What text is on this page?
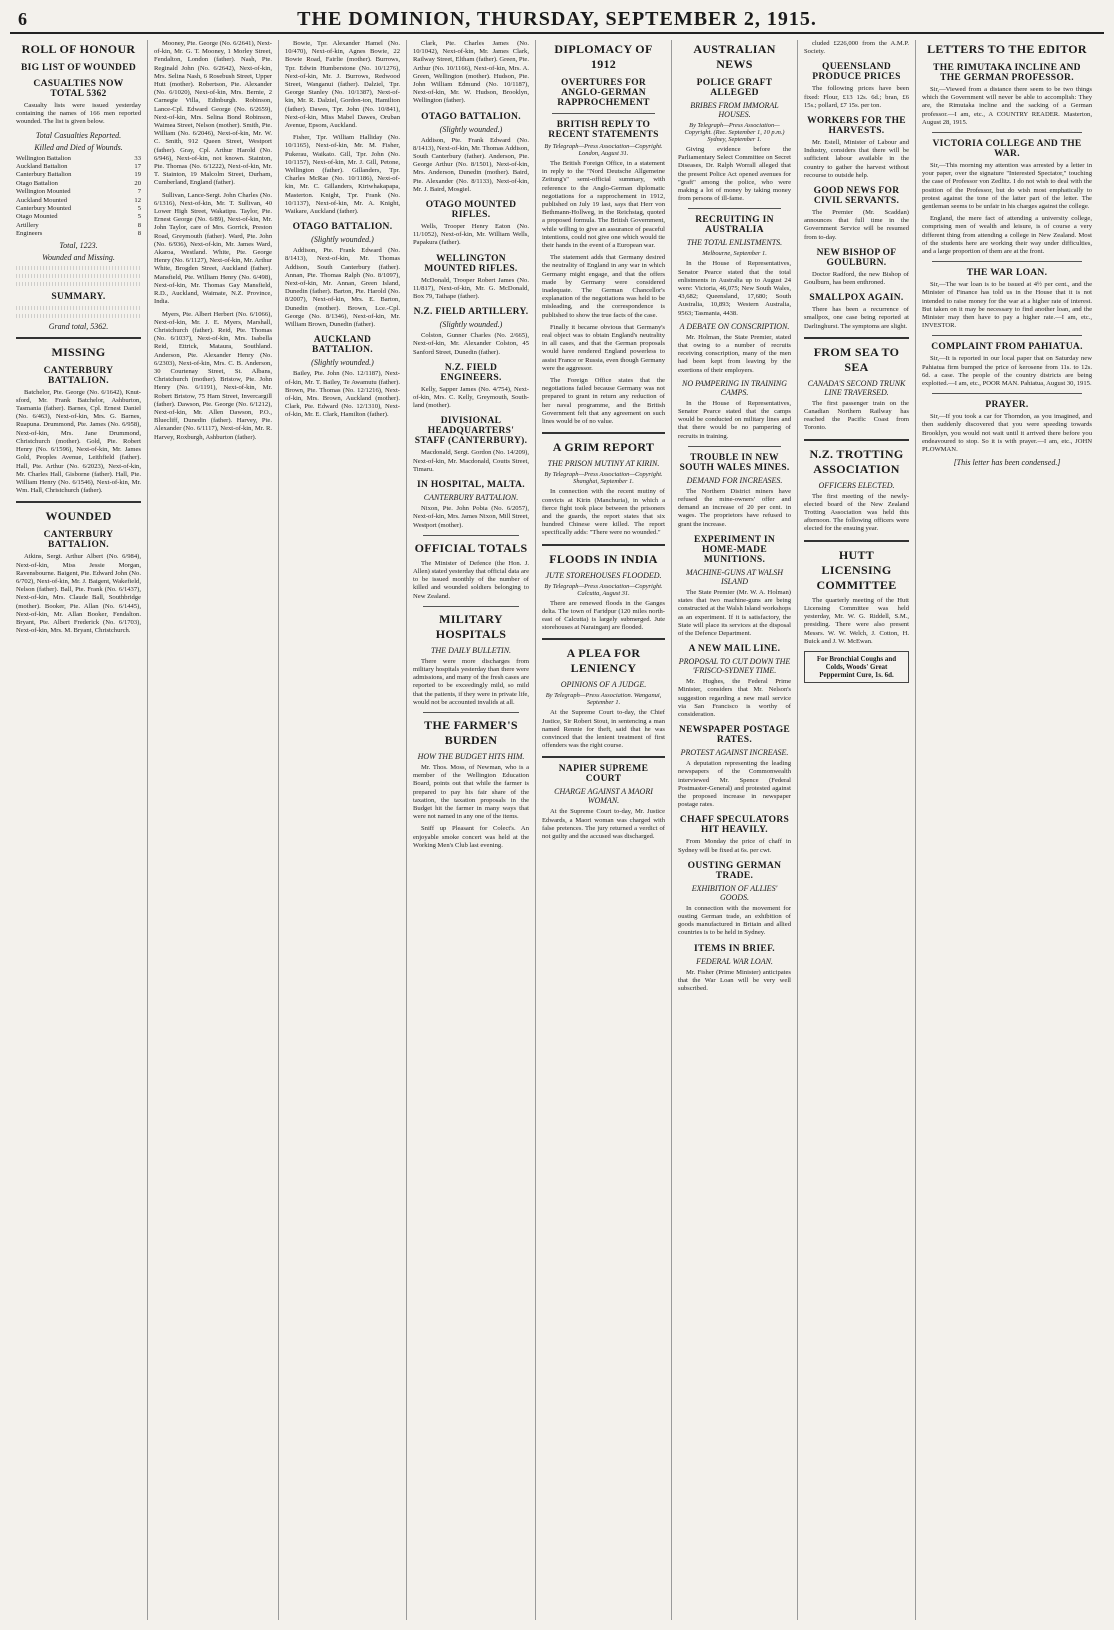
6	THE DOMINION, THURSDAY, SEPTEMBER 2, 1915.
ROLL OF HONOUR
BIG LIST OF WOUNDED
CASUALTIES NOW TOTAL 5362

Casualty lists were issued yesterday containing the names of 166 men reported wounded. The list is given below.

Total Casualties Reported.
Killed and Died of Wounds.
Wellington Battalion	33
Auckland Battalion	17
Canterbury Battalion	19
Otago Battalion	20
Wellington Mounted	7
Auckland Mounted	12
Canterbury Mounted	5
Otago Mounted	5
Artillery	8
Engineers	8
Total, 1223.
Wounded and Missing.
SUMMARY.
Grand total, 5362.
MISSING
CANTERBURY BATTALION.

Batchelor, Pte. George (No. 6/1642), Knut-sford, Mr. Frank Batchelor, Ashburton, Tasmania (father). Barnes, Cpl. Ernest Daniel (No. 6/463), Next-of-kin, Mrs. G. Barnes, Ruapuna. Drummond, Pte. James (No. 6/958), Next-of-kin, Mrs. Jane Drummond, Christchurch (mother). Gold, Pte. Robert Henry (No. 6/1596), Next-of-kin, Mr. James Gold, Peoples Avenue, Leithfield (father). Hall, Pte. Arthur (No. 6/2023), Next-of-kin, Mr. Charles Hall, Gisborne (father). Hall, Pte. William Henry (No. 6/1546), Next-of-kin, Mr. Wm. Hall, Christchurch (father).

WOUNDED
CANTERBURY BATTALION.

Atkins, Sergt. Arthur Albert (No. 6/984), Next-of-kin, Miss Jessie Morgan, Ravensbourne. Baigent, Pte. Edward John (No. 6/702), Next-of-kin, Mr. J. Baigent, Wakefield, Nelson (father). Ball, Pte. Frank (No. 6/1437), Next-of-kin, Mrs. Claude Ball, Southbridge (mother). Booker, Pte. Allan (No. 6/1445), Next-of-kin, Mr. Allan Booker, Fendalton. Bryant, Pte. Albert Frederick (No. 6/1703), Next-of-kin, Mrs. M. Bryant, Christchurch.

Mooney, Pte. George (No. 6/2641), Next-of-kin, Mr. G. T. Mooney, 1 Morley Street, Fendalton, London (father). Nash, Pte. Reginald John (No. 6/2642), Next-of-kin, Mrs. Selina Nash, 6 Rosebush Street, Upper Hutt (mother). Robertson, Pte. Alexander (No. 6/1020), Next-of-kin, Mrs. Bernie, 2 Carnegie Villa, Edinburgh. Robinson, Lance-Cpl. Edward George (No. 6/2659), Next-of-kin, Mrs. Selina Bond Robinson, Waimea Street, Nelson (mother). Smith, Pte. William (No. 6/2046), Next-of-kin, Mr. W. C. Smith, 912 Queen Street, Westport (father). Gray, Cpl. Arthur Harold (No. 6/946), Next-of-kin, not known. Stainton, Pte. Thomas (No. 6/1222), Next-of-kin, Mr. T. Stainton, 19 Malcolm Street, Durham, Cumberland, England (father).

Sullivan, Lance-Sergt. John Charles (No. 6/1316), Next-of-kin, Mr. T. Sullivan, 40 Lower High Street, Wakatipu. Taylor, Pte. Ernest George (No. 6/89), Next-of-kin, Mr. John Taylor, care of Mrs. Gorrick, Preston Road, Greymouth (father). Ward, Pte. John (No. 6/936), Next-of-kin, Mr. James Ward, Akaroa, Westland. White, Pte. George Henry (No. 6/1127), Next-of-kin, Mr. Arthur White, Brogden Street, Auckland (father). Mansfield, Pte. William Henry (No. 6/498), Next-of-kin, Mr. Thomas Gay Mansfield, R.D., Auckland, Waimate, N.Z. Province, India.

Myers, Pte. Albert Herbert (No. 6/1066), Next-of-kin, Mr. J. E. Myers, Marshall, Christchurch (father). Reid, Pte. Thomas (No. 6/1037), Next-of-kin, Mrs. Isabella Reid, Ettrick, Mataura, Southland. Anderson, Pte. Alexander Henry (No. 6/2303), Next-of-kin, Mrs. C. B. Anderson, 30 Courtenay Street, St. Albans, Christchurch (mother). Bristow, Pte. John Henry (No. 6/1191), Next-of-kin, Mr. Robert Bristow, 75 Ham Street, Invercargill (father). Dawson, Pte. George (No. 6/1212), Next-of-kin, Mr. Allen Dawson, P.O., Bluecliff, Dunedin (father). Harvey, Pte. Alexander (No. 6/1117), Next-of-kin, Mr. R. Harvey, Roxburgh, Ashburton (father).

Bowie, Tpr. Alexander Hamel (No. 10/470), Next-of-kin, Agnes Bowie, 22 Bowie Road, Fairlie (mother). Burrows, Tpr. Edwin Humberstone (No. 10/1276), Next-of-kin, Mr. J. Burrows, Redwood Street, Wanganui (father). Dalziel, Tpr. George Stanley (No. 10/1387), Next-of-kin, Mr. R. Dalziel, Gordon-ton, Hamilton (father). Dawes, Tpr. John (No. 10/841), Next-of-kin, Miss Mabel Dawes, Oruban Avenue, Epsom, Auckland.

Fisher, Tpr. William Halliday (No. 10/1165), Next-of-kin, Mr. M. Fisher, Pukerau, Waikato. Gill, Tpr. John (No. 10/1157), Next-of-kin, Mr. J. Gill, Petone, Wellington (father). Gillanders, Tpr. Charles McRae (No. 10/1186), Next-of-kin, Mr. C. Gillanders, Kiriwhakapapa, Masterton. Knight, Tpr. Frank (No. 10/1137), Next-of-kin, Mr. A. Knight, Waikare, Auckland (father).

OTAGO BATTALION.
(Slightly wounded.)

Addison, Pte. Frank Edward (No. 8/1413), Next-of-kin, Mr. Thomas Addison, South Canterbury (father). Annan, Pte. Thomas Ralph (No. 8/1097), Next-of-kin, Mr. Annan, Green Island, Dunedin (father). Barton, Pte. Harold (No. 8/2007), Next-of-kin, Mrs. E. Barton, Dunedin (mother). Brown, Lce.-Cpl. George (No. 8/1346), Next-of-kin, Mr. William Brown, Dunedin (father).

AUCKLAND BATTALION.
(Slightly wounded.)

Bailey, Pte. John (No. 12/1187), Next-of-kin, Mr. T. Bailey, Te Awamutu (father). Brown, Pte. Thomas (No. 12/1216), Next-of-kin, Mrs. Brown, Auckland (mother). Clark, Pte. Edward (No. 12/1310), Next-of-kin, Mr. E. Clark, Hamilton (father).

Clark, Pte. Charles James (No. 10/1042), Next-of-kin, Mr. James Clark, Railway Street, Eltham (father). Green, Pte. Arthur (No. 10/1166), Next-of-kin, Mrs. A. Green, Wellington (mother). Hudson, Pte. John William Edmund (No. 10/1187), Next-of-kin, Mr. W. Hudson, Brooklyn, Wellington (father).

OTAGO BATTALION.
(Slightly wounded.)

Addison, Pte. Frank Edward (No. 8/1413), Next-of-kin, Mr. Thomas Addison, South Canterbury (father). Anderson, Pte. George Arthur (No. 8/1501), Next-of-kin, Mrs. Anderson, Dunedin (mother). Baird, Pte. Alexander (No. 8/1133), Next-of-kin, Mr. J. Baird, Mosgiel.

OTAGO MOUNTED RIFLES.

Wells, Trooper Henry Eaton (No. 11/1052), Next-of-kin, Mr. William Wells, Papakura (father).

WELLINGTON MOUNTED RIFLES.

McDonald, Trooper Robert James (No. 11/817), Next-of-kin, Mr. G. McDonald, Box 79, Taihape (father).

N.Z. FIELD ARTILLERY.
(Slightly wounded.)

Colston, Gunner Charles (No. 2/665), Next-of-kin, Mr. Alexander Colston, 45 Sanford Street, Dunedin (father).

N.Z. FIELD ENGINEERS.

Kelly, Sapper James (No. 4/754), Next-of-kin, Mrs. C. Kelly, Greymouth, South-land (mother).

DIVISIONAL HEADQUARTERS' STAFF (CANTERBURY).

Macdonald, Sergt. Gordon (No. 14/209), Next-of-kin, Mr. Macdonald, Coutts Street, Timaru.

IN HOSPITAL, MALTA.
CANTERBURY BATTALION.

Nixon, Pte. John Pobia (No. 6/2057), Next-of-kin, Mrs. James Nixon, Mill Street, Westport (mother).

OFFICIAL TOTALS

The Minister of Defence (the Hon. J. Allen) stated yesterday that official data are to be issued monthly of the number of killed and wounded soldiers belonging to New Zealand.

MILITARY HOSPITALS
THE DAILY BULLETIN.

There were more discharges from military hospitals yesterday than there were admissions, and many of the fresh cases are reported to be exceedingly mild, so mild that the patients, if they were in private life, would not be accounted invalids at all.

THE FARMER'S BURDEN
HOW THE BUDGET HITS HIM.

Mr. Thos. Moss, of Newman, who is a member of the Wellington Education Board, points out that while the farmer is prepared to pay his fair share of the taxation, the taxation proposals in the Budget hit the farmer in many ways that were not named in any one of the items.

Sniff up Pleasant for Colect's. An enjoyable smoke concert was held at the Working Men's Club last evening.

DIPLOMACY OF 1912
OVERTURES FOR ANGLO-GERMAN RAPPROCHEMENT
BRITISH REPLY TO RECENT STATEMENTS
By Telegraph—Press Association—Copyright. London, August 31.

The British Foreign Office, in a statement in reply to the "Nord Deutsche Allgemeine Zeitung's" semi-official summary, with reference to the Anglo-German diplomatic negotiations for a rapprochement in 1912, published on July 19 last, says that Herr von Bethmann-Hollweg, in the Reichstag, quoted a proposed formula. The British Government, while willing to give an assurance of peaceful intentions, could not give one which would tie their hands in the event of a European war.

The statement adds that Germany desired the neutrality of England in any war in which Germany might engage, and that the offers made by Germany were considered inadequate. The German Chancellor's explanation of the negotiations was held to be misleading, and the correspondence is published to show the true facts of the case.

Finally it became obvious that Germany's real object was to obtain England's neutrality in all cases, and that the German proposals would have rendered England powerless to assist France or Russia, even though Germany were the aggressor.

The Foreign Office states that the negotiations failed because Germany was not prepared to grant in return any reduction of her naval programme, and the British Government felt that any agreement on such lines would be of no value.

A GRIM REPORT
THE PRISON MUTINY AT KIRIN.
By Telegraph—Press Association—Copyright. Shanghai, September 1.

In connection with the recent mutiny of convicts at Kirin (Manchuria), in which a fierce fight took place between the prisoners and the guards, the report states that six hundred Chinese were killed. The report specifically adds: "There were no wounded."

FLOODS IN INDIA
JUTE STOREHOUSES FLOODED.
By Telegraph—Press Association—Copyright. Calcutta, August 31.

There are renewed floods in the Ganges delta. The town of Faridpur (120 miles north-east of Calcutta) is largely submerged. Jute storehouses at Narainganj are flooded.

A PLEA FOR LENIENCY
OPINIONS OF A JUDGE.
By Telegraph—Press Association. Wanganui, September 1.

At the Supreme Court to-day, the Chief Justice, Sir Robert Stout, in sentencing a man named Rennie for theft, said that he was convinced that the lenient treatment of first offenders was the right course.

NAPIER SUPREME COURT
CHARGE AGAINST A MAORI WOMAN.

At the Supreme Court to-day, Mr. Justice Edwards, a Maori woman was charged with false pretences. The jury returned a verdict of not guilty and the accused was discharged.

AUSTRALIAN NEWS
POLICE GRAFT ALLEGED
BRIBES FROM IMMORAL HOUSES.
By Telegraph—Press Association—Copyright. (Rec. September 1, 10 p.m.) Sydney, September 1.

Giving evidence before the Parliamentary Select Committee on Secret Diseases, Dr. Ralph Worrall alleged that the present Police Act opened avenues for "graft" among the police, who were making a lot of money by taking money from persons of ill-fame.

RECRUITING IN AUSTRALIA
THE TOTAL ENLISTMENTS.
Melbourne, September 1.

In the House of Representatives, Senator Pearce stated that the total enlistments in Australia up to August 24 were: Victoria, 46,075; New South Wales, 43,682; Queensland, 17,680; South Australia, 10,893; Western Australia, 9563; Tasmania, 4438.

A DEBATE ON CONSCRIPTION.

Mr. Holman, the State Premier, stated that owing to a number of recruits receiving conscription, many of the men had been kept from leaving by the exertions of their employers.

NO PAMPERING IN TRAINING CAMPS.

In the House of Representatives, Senator Pearce stated that the camps would be conducted on military lines and that there would be no pampering of recruits in training.

TROUBLE IN NEW SOUTH WALES MINES.
DEMAND FOR INCREASES.

The Northern District miners have refused the mine-owners' offer and demand an increase of 20 per cent. in wages. The proprietors have refused to grant the increase.

EXPERIMENT IN HOME-MADE MUNITIONS.
MACHINE-GUNS AT WALSH ISLAND

The State Premier (Mr. W. A. Holman) states that two machine-guns are being constructed at the Walsh Island workshops as an experiment. If it is satisfactory, the State will place its services at the disposal of the Defence Department.

A NEW MAIL LINE.
PROPOSAL TO CUT DOWN THE 'FRISCO-SYDNEY TIME.

Mr. Hughes, the Federal Prime Minister, considers that Mr. Nelson's suggestion regarding a new mail service via San Francisco is worthy of consideration.

NEWSPAPER POSTAGE RATES.
PROTEST AGAINST INCREASE.

A deputation representing the leading newspapers of the Commonwealth interviewed Mr. Spence (Federal Postmaster-General) and protested against the proposed increase in newspaper postage rates.

CHAFF SPECULATORS HIT HEAVILY.

From Monday the price of chaff in Sydney will be fixed at 6s. per cwt.

OUSTING GERMAN TRADE.
EXHIBITION OF ALLIES' GOODS.

In connection with the movement for ousting German trade, an exhibition of goods manufactured in Britain and allied countries is to be held in Sydney.

ITEMS IN BRIEF.
FEDERAL WAR LOAN.

Mr. Fisher (Prime Minister) anticipates that the War Loan will be very well subscribed.

cluded £226,000 from the A.M.P. Society.

QUEENSLAND PRODUCE PRICES

The following prices have been fixed: Flour, £13 12s. 6d.; bran, £6 15s.; pollard, £7 15s. per ton.

WORKERS FOR THE HARVESTS.

Mr. Estell, Minister of Labour and Industry, considers that there will be sufficient labour available in the country to gather the harvest without recourse to outside help.

GOOD NEWS FOR CIVIL SERVANTS.

The Premier (Mr. Scaddan) announces that full time in the Government Service will be resumed from to-day.

NEW BISHOP OF GOULBURN.

Doctor Radford, the new Bishop of Goulburn, has been enthroned.

SMALLPOX AGAIN.

There has been a recurrence of smallpox, one case being reported at Darlinghurst. The symptoms are slight.

FROM SEA TO SEA
CANADA'S SECOND TRUNK LINE TRAVERSED.

The first passenger train on the Canadian Northern Railway has reached the Pacific Coast from Toronto.

N.Z. TROTTING ASSOCIATION
OFFICERS ELECTED.

The first meeting of the newly-elected board of the New Zealand Trotting Association was held this afternoon. The following officers were elected for the ensuing year.

HUTT LICENSING COMMITTEE

The quarterly meeting of the Hutt Licensing Committee was held yesterday, Mr. W. G. Riddell, S.M., presiding. There were also present Messrs. W. W. Welch, J. Cotton, H. Buick and J. W. McEwan.

For Bronchial Coughs and Colds, Woods' Great Peppermint Cure, 1s. 6d.
LETTERS TO THE EDITOR
THE RIMUTAKA INCLINE AND THE GERMAN PROFESSOR.

Sir,—Viewed from a distance there seem to be two things which the Government will never be able to accomplish: They are, the Rimutaka incline and the sacking of a German professor.—I am, etc., A COUNTRY READER. Masterton, August 28, 1915.

VICTORIA COLLEGE AND THE WAR.

Sir,—This morning my attention was arrested by a letter in your paper, over the signature "Interested Spectator," touching the case of Professor von Zedlitz. I do not wish to deal with the position of the Professor, but do wish most emphatically to protest against the tone of the latter part of the letter. The gentleman seems to be unfair in his charges against the college.

England, the mere fact of attending a university college, comprising men of wealth and leisure, is of course a very different thing from attending a college in New Zealand. Most of the students here are working their way under difficulties, and a large proportion of them are at the front.

THE WAR LOAN.

Sir,—The war loan is to be issued at 4½ per cent., and the Minister of Finance has told us in the House that it is not intended to raise money for the war at a higher rate of interest. But taken on it may be necessary to find another loan, and the Minister may then have to pay a higher rate.—I am, etc., INVESTOR.

COMPLAINT FROM PAHIATUA.

Sir,—It is reported in our local paper that on Saturday new Pahiatua firm bumped the price of kerosene from 11s. to 12s. 6d. a case. The people of the country districts are being exploited.—I am, etc., POOR MAN. Pahiatua, August 30, 1915.

PRAYER.

Sir,—If you took a car for Thorndon, as you imagined, and then suddenly discovered that you were speeding towards Brooklyn, you would not wait until it arrived there before you endeavoured to stop. So it is with prayer.—I am, etc., JOHN PLOWMAN.

[This letter has been condensed.]
